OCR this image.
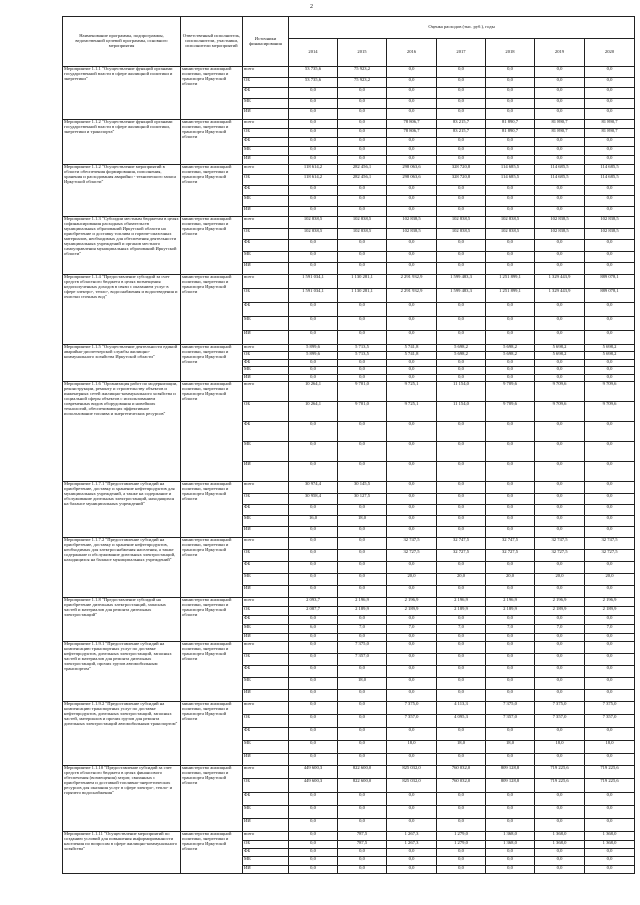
2
Наименование программы, подпрограммы, ведомственной целевой программы, основного мероприятия	Ответственный исполнитель, соисполнители, участники, исполнители мероприятий	Источники финансирования	Оценка расходов (тыс. руб.), годы						
			2014	2015	2016	2017	2018	2019	2020
Мероприятие 1.1.1 "Осуществление функций органами государственной власти в сфере жилищной политики и энергетики"	министерство жилищной политики, энергетики и транспорта Иркутской области	всего	53 735,6	75 923,2	0,0	0,0	0,0	0,0	0,0
		ОБ	53 735,6	75 923,2	0,0	0,0	0,0	0,0	0,0
		ФБ	0,0	0,0	0,0	0,0	0,0	0,0	0,0
		МБ	0,0	0,0	0,0	0,0	0,0	0,0	0,0
		ИИ	0,0	0,0	0,0	0,0	0,0	0,0	0,0
Мероприятие 1.1.2 "Осуществление функций органами государственной власти в сфере жилищной политики, энергетики и транспорта"	министерство жилищной политики, энергетики и транспорта Иркутской области	всего	0,0	0,0	78 806,7	83 215,7	81 890,7	81 890,7	81 890,7
		ОБ	0,0	0,0	78 806,7	83 215,7	81 890,7	81 890,7	81 890,7
		ФБ	0,0	0,0	0,0	0,0	0,0	0,0	0,0
		МБ	0,0	0,0	0,0	0,0	0,0	0,0	0,0
		ИИ	0,0	0,0	0,0	0,0	0,0	0,0	0,0
Мероприятие 1.1.2 "Осуществление мероприятий в области обеспечения формирования, пополнения, хранения и расходования аварийно - технического запаса Иркутской области"	министерство жилищной политики, энергетики и транспорта Иркутской области	всего	118 614,2	282 456,1	298 063,6	328 720,8	114 685,5	114 685,5	114 685,5
		ОБ	118 614,2	282 456,1	298 063,6	328 720,8	114 685,5	114 685,5	114 685,5
		ФБ	0,0	0,0	0,0	0,0	0,0	0,0	0,0
		МБ	0,0	0,0	0,0	0,0	0,0	0,0	0,0
		ИИ	0,0	0,0	0,0	0,0	0,0	0,0	0,0
Мероприятие 1.1.3 "Субсидии местным бюджетам в целях софинансирования расходных обязательств муниципальных образований Иркутской области на приобретение и доставку топлива и горюче-смазочных материалов, необходимых для обеспечения деятельности муниципальных учреждений и органов местного самоуправления муниципальных образований Иркутской области"	министерство жилищной политики, энергетики и транспорта Иркутской области	всего	102 838,5	102 838,5	102 838,5	102 838,5	102 838,5	102 838,5	102 838,5
		ОБ	102 838,5	102 838,5	102 838,5	102 838,5	102 838,5	102 838,5	102 838,5
		ФБ	0,0	0,0	0,0	0,0	0,0	0,0	0,0
		МБ	0,0	0,0	0,0	0,0	0,0	0,0	0,0
		ИИ	0,0	0,0	0,0	0,0	0,0	0,0	0,0
Мероприятие 1.1.4 "Предоставление субсидий за счет средств областного бюджета в целях возмещения недополученных доходов в связи с оказанием услуг в сфере электро-, тепло-, водоснабжения и водоотведения и очистки сточных вод"	министерство жилищной политики, энергетики и транспорта Иркутской области	всего	1 591 034,1	1 130 281,1	2 291 932,9	1 599 483,3	1 251 899,1	1 329 443,9	889 078,1
		ОБ	1 591 034,1	1 130 281,1	2 291 932,9	1 599 483,3	1 251 899,1	1 329 443,9	889 078,1
		ФБ	0,0	0,0	0,0	0,0	0,0	0,0	0,0
		МБ	0,0	0,0	0,0	0,0	0,0	0,0	0,0
		ИИ	0,0	0,0	0,0	0,0	0,0	0,0	0,0
Мероприятие 1.1.5 "Осуществление деятельности единой аварийно-диспетчерской службы жилищно-коммунального хозяйства Иркутской области"	министерство жилищной политики, энергетики и транспорта Иркутской области	всего	5 899,6	5 713,5	5 741,8	5 698,2	5 698,2	5 698,2	5 698,2
		ОБ	5 899,6	5 713,5	5 741,8	5 698,2	5 698,2	5 698,2	5 698,2
		ФБ	0,0	0,0	0,0	0,0	0,0	0,0	0,0
		МБ	0,0	0,0	0,0	0,0	0,0	0,0	0,0
		ИИ	0,0	0,0	0,0	0,0	0,0	0,0	0,0
Мероприятие 1.1.6 "Организация работ по модернизации, реконструкции, ремонту и строительству объектов и инженерных сетей жилищно-коммунального хозяйства и социальной сферы объектов с использованием современных видов оборудования и новейших технологий, обеспечивающих эффективное использование топлива и энергетических ресурсов"	министерство жилищной политики, энергетики и транспорта Иркутской области	всего	10 264,1	9 701,0	9 725,1	11 154,0	9 709,6	9 709,6	9 709,6
		ОБ	10 264,1	9 701,0	9 725,1	11 154,0	9 709,6	9 709,6	9 709,6
		ФБ	0,0	0,0	0,0	0,0	0,0	0,0	0,0
		МБ	0,0	0,0	0,0	0,0	0,0	0,0	0,0
		ИИ	0,0	0,0	0,0	0,0	0,0	0,0	0,0
Мероприятие 1.1.7.1 "Предоставление субсидий на приобретение, доставку и хранение нефтепродуктов для муниципальных учреждений, а также на содержание и обслуживание дизельных электростанций, находящихся на балансе муниципальных учреждений"	министерство жилищной политики, энергетики и транспорта Иркутской области	всего	30 974,4	30 145,5	0,0	0,0	0,0	0,0	0,0
		ОБ	30 958,4	30 127,5	0,0	0,0	0,0	0,0	0,0
		ФБ	0,0	0,0	0,0	0,0	0,0	0,0	0,0
		МБ	16,0	18,0	0,0	0,0	0,0	0,0	0,0
		ИИ	0,0	0,0	0,0	0,0	0,0	0,0	0,0
Мероприятие 1.1.7.2 "Предоставление субсидий на приобретение, доставку и хранение нефтепродуктов, необходимых для электроснабжения населения, а также содержание и обслуживание дизельных электростанций, находящихся на балансе муниципальных учреждений"	министерство жилищной политики, энергетики и транспорта Иркутской области	всего	0,0	0,0	32 747,5	32 747,5	32 747,5	32 747,5	32 747,5
		ОБ	0,0	0,0	32 727,5	32 727,5	32 727,5	32 727,5	32 727,5
		ФБ	0,0	0,0	0,0	0,0	0,0	0,0	0,0
		МБ	0,0	0,0	20,0	20,0	20,0	20,0	20,0
		ИИ	0,0	0,0	0,0	0,0	0,0	0,0	0,0
Мероприятие 1.1.8 "Предоставление субсидий на приобретение дизельных электростанций, запасных частей и материалов для ремонта дизельных электростанций"	министерство жилищной политики, энергетики и транспорта Иркутской области	всего	2 093,7	2 196,9	2 196,9	2 196,9	2 196,9	2 196,9	2 196,9
		ОБ	2 087,7	2 189,9	2 189,9	2 189,9	2 189,9	2 189,9	2 189,9
		ФБ	0,0	0,0	0,0	0,0	0,0	0,0	0,0
		МБ	6,0	7,0	7,0	7,0	7,0	7,0	7,0
		ИИ	0,0	0,0	0,0	0,0	0,0	0,0	0,0
Мероприятие 1.1.9.1 "Предоставление субсидий на компенсацию транспортных услуг по доставке нефтепродуктов, дизельных электростанций, запасных частей и материалов для ремонта дизельных электростанций, прочих грузов автомобильным транспортом"	министерство жилищной политики, энергетики и транспорта Иркутской области	всего	0,0	7 375,0	0,0	0,0	0,0	0,0	0,0
		ОБ	0,0	7 357,0	0,0	0,0	0,0	0,0	0,0
		ФБ	0,0	0,0	0,0	0,0	0,0	0,0	0,0
		МБ	0,0	18,0	0,0	0,0	0,0	0,0	0,0
		ИИ	0,0	0,0	0,0	0,0	0,0	0,0	0,0
Мероприятие 1.1.9.2 "Предоставление субсидий на компенсацию транспортных услуг по доставке нефтепродуктов, дизельных электростанций, запасных частей, материалов и прочих грузов для ремонта дизельных электростанций автомобильным транспортом"	министерство жилищной политики, энергетики и транспорта Иркутской области	всего	0,0	0,0	7 375,0	4 113,3	7 375,0	7 375,0	7 375,0
		ОБ	0,0	0,0	7 357,0	4 095,3	7 357,0	7 357,0	7 357,0
		ФБ	0,0	0,0	0,0	0,0	0,0	0,0	0,0
		МБ	0,0	0,0	18,0	18,0	18,0	18,0	18,0
		ИИ	0,0	0,0	0,0	0,0	0,0	0,0	0,0
Мероприятие 1.1.10 "Предоставление субсидий за счет средств областного бюджета в целях финансового обеспечения (возмещения) затрат, связанных с приобретением и доставкой топливно-энергетических ресурсов для оказания услуг в сфере электро-, тепло- и горячего водоснабжения"	министерство жилищной политики, энергетики и транспорта Иркутской области	всего	449 600,3	822 600,0	825 032,0	760 032,0	809 128,8	719 225,6	719 225,6
		ОБ	449 600,3	822 600,0	825 032,0	760 032,0	809 128,8	719 225,6	719 225,6
		ФБ	0,0	0,0	0,0	0,0	0,0	0,0	0,0
		МБ	0,0	0,0	0,0	0,0	0,0	0,0	0,0
		ИИ	0,0	0,0	0,0	0,0	0,0	0,0	0,0
Мероприятие 1.1.11 "Осуществление мероприятий по созданию условий для повышения информированности населения по вопросам в сфере жилищно-коммунального хозяйства"	министерство жилищной политики, энергетики и транспорта Иркутской области	всего	0,0	787,5	1 267,3	1 279,0	1 368,0	1 368,0	1 368,0
		ОБ	0,0	787,5	1 267,3	1 279,0	1 368,0	1 368,0	1 368,0
		ФБ	0,0	0,0	0,0	0,0	0,0	0,0	0,0
		МБ	0,0	0,0	0,0	0,0	0,0	0,0	0,0
		ИИ	0,0	0,0	0,0	0,0	0,0	0,0	0,0
